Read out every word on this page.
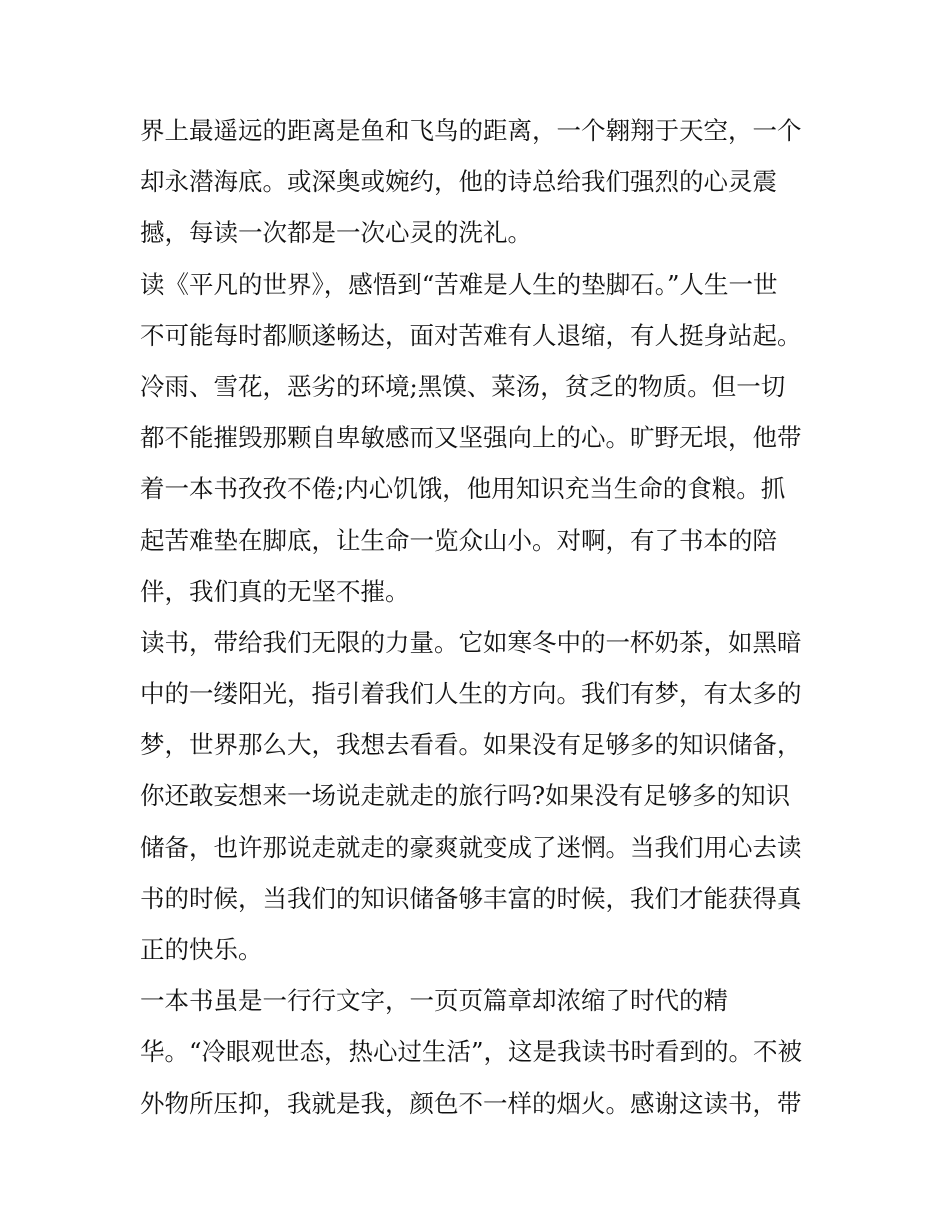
界上最遥远的距离是鱼和飞鸟的距离，一个翱翔于天空，一个
却永潜海底。或深奥或婉约，他的诗总给我们强烈的心灵震
撼，每读一次都是一次心灵的洗礼。
读《平凡的世界》，感悟到“苦难是人生的垫脚石。”人生一世
不可能每时都顺遂畅达，面对苦难有人退缩，有人挺身站起。
冷雨、雪花，恶劣的环境;黑馍、菜汤，贫乏的物质。但一切
都不能摧毁那颗自卑敏感而又坚强向上的心。旷野无垠，他带
着一本书孜孜不倦;内心饥饿，他用知识充当生命的食粮。抓
起苦难垫在脚底，让生命一览众山小。对啊，有了书本的陪
伴，我们真的无坚不摧。
读书，带给我们无限的力量。它如寒冬中的一杯奶茶，如黑暗
中的一缕阳光，指引着我们人生的方向。我们有梦，有太多的
梦，世界那么大，我想去看看。如果没有足够多的知识储备，
你还敢妄想来一场说走就走的旅行吗?如果没有足够多的知识
储备，也许那说走就走的豪爽就变成了迷惘。当我们用心去读
书的时候，当我们的知识储备够丰富的时候，我们才能获得真
正的快乐。
一本书虽是一行行文字，一页页篇章却浓缩了时代的精
华。“冷眼观世态，热心过生活”，这是我读书时看到的。不被
外物所压抑，我就是我，颜色不一样的烟火。感谢这读书，带
